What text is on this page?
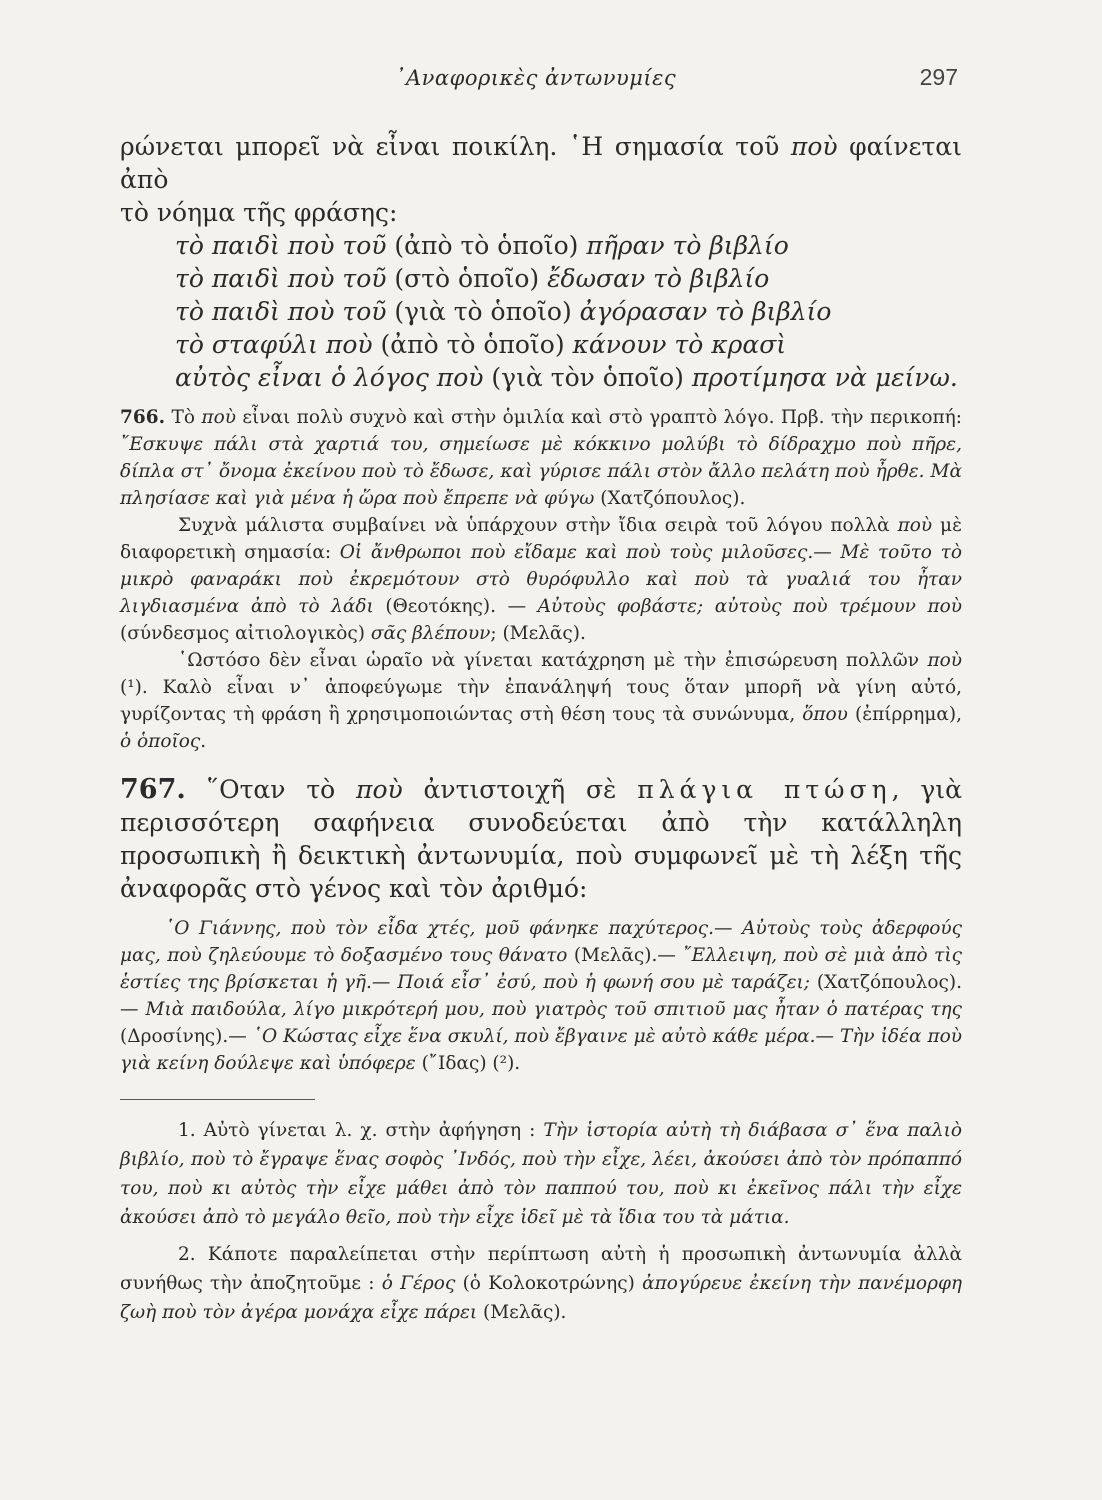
᾿Αναφορικὲς ἀντωνυμίες	297

ρώνεται μπορεῖ νὰ εἶναι ποικίλη. ῾Η σημασία τοῦ ποὺ φαίνεται ἀπὸ
τὸ νόημα τῆς φράσης:

τὸ παιδὶ ποὺ τοῦ (ἀπὸ τὸ ὁποῖο) πῆραν τὸ βιβλίο

τὸ παιδὶ ποὺ τοῦ (στὸ ὁποῖο) ἔδωσαν τὸ βιβλίο

τὸ παιδὶ ποὺ τοῦ (γιὰ τὸ ὁποῖο) ἀγόρασαν τὸ βιβλίο

τὸ σταφύλι ποὺ (ἀπὸ τὸ ὁποῖο) κάνουν τὸ κρασὶ

αὐτὸς εἶναι ὁ λόγος ποὺ (γιὰ τὸν ὁποῖο) προτίμησα νὰ μείνω.

766. Τὸ ποὺ εἶναι πολὺ συχνὸ καὶ στὴν ὁμιλία καὶ στὸ γραπτὸ λόγο. Πρβ. τὴν περικοπή: ῎Εσκυψε πάλι στὰ χαρτιά του, σημείωσε μὲ κόκκινο μολύβι τὸ δίδραχμο ποὺ πῆρε, δίπλα στ᾿ ὄνομα ἐκείνου ποὺ τὸ ἔδωσε, καὶ γύρισε πάλι στὸν ἄλλο πελάτη ποὺ ἦρθε. Μὰ πλησίασε καὶ γιὰ μένα ἡ ὥρα ποὺ ἔπρεπε νὰ φύγω (Χατζόπουλος).

Συχνὰ μάλιστα συμβαίνει νὰ ὑπάρχουν στὴν ἴδια σειρὰ τοῦ λόγου πολλὰ ποὺ μὲ διαφορετικὴ σημασία: Οἱ ἄνθρωποι ποὺ εἴδαμε καὶ ποὺ τοὺς μιλοῦσες.— Μὲ τοῦτο τὸ μικρὸ φαναράκι ποὺ ἐκρεμότουν στὸ θυρόφυλλο καὶ ποὺ τὰ γυαλιά του ἦταν λιγδιασμένα ἀπὸ τὸ λάδι (Θεοτόκης). — Αὐτοὺς φοβάστε; αὐτοὺς ποὺ τρέμουν ποὺ (σύνδεσμος αἰτιολογικὸς) σᾶς βλέπουν; (Μελᾶς).

῾Ωστόσο δὲν εἶναι ὡραῖο νὰ γίνεται κατάχρηση μὲ τὴν ἐπισώρευση πολλῶν ποὺ (¹). Καλὸ εἶναι ν᾿ ἀποφεύγωμε τὴν ἐπανάληψή τους ὅταν μπορῆ νὰ γίνη αὐτό, γυρίζοντας τὴ φράση ἢ χρησιμοποιώντας στὴ θέση τους τὰ συνώνυμα, ὅπου (ἐπίρρημα), ὁ ὁποῖος.

767. ῞Οταν τὸ ποὺ ἀντιστοιχῆ σὲ πλάγια πτώση, γιὰ περισσότερη σαφήνεια συνοδεύεται ἀπὸ τὴν κατάλληλη προσωπικὴ ἢ δεικτικὴ ἀντωνυμία, ποὺ συμφωνεῖ μὲ τὴ λέξη τῆς ἀναφορᾶς στὸ γένος καὶ τὸν ἀριθμό:

῾Ο Γιάννης, ποὺ τὸν εἶδα χτές, μοῦ φάνηκε παχύτερος.— Αὐτοὺς τοὺς ἀδερφούς μας, ποὺ ζηλεύουμε τὸ δοξασμένο τους θάνατο (Μελᾶς).— ῎Ελλειψη, ποὺ σὲ μιὰ ἀπὸ τὶς ἑστίες της βρίσκεται ἡ γῆ.— Ποιά εἶσ᾿ ἐσύ, ποὺ ἡ φωνή σου μὲ ταράζει; (Χατζόπουλος).— Μιὰ παιδούλα, λίγο μικρότερή μου, ποὺ γιατρὸς τοῦ σπιτιοῦ μας ἦταν ὁ πατέρας της (Δροσίνης).— ῾Ο Κώστας εἶχε ἕνα σκυλί, ποὺ ἔβγαινε μὲ αὐτὸ κάθε μέρα.— Τὴν ἰδέα ποὺ γιὰ κείνη δούλεψε καὶ ὑπόφερε (῎Ιδας) (²).

1. Αὐτὸ γίνεται λ. χ. στὴν ἀφήγηση : Τὴν ἱστορία αὐτὴ τὴ διάβασα σ᾿ ἕνα παλιὸ βιβλίο, ποὺ τὸ ἔγραψε ἕνας σοφὸς ᾿Ινδός, ποὺ τὴν εἶχε, λέει, ἀκούσει ἀπὸ τὸν πρόπαππό του, ποὺ κι αὐτὸς τὴν εἶχε μάθει ἀπὸ τὸν παππού του, ποὺ κι ἐκεῖνος πάλι τὴν εἶχε ἀκούσει ἀπὸ τὸ μεγάλο θεῖο, ποὺ τὴν εἶχε ἰδεῖ μὲ τὰ ἴδια του τὰ μάτια.

2. Κάποτε παραλείπεται στὴν περίπτωση αὐτὴ ἡ προσωπικὴ ἀντωνυμία ἀλλὰ συνήθως τὴν ἀποζητοῦμε : ὁ Γέρος (ὁ Κολοκοτρώνης) ἀπογύρευε ἐκείνη τὴν πανέμορφη ζωὴ ποὺ τὸν ἀγέρα μονάχα εἶχε πάρει (Μελᾶς).
